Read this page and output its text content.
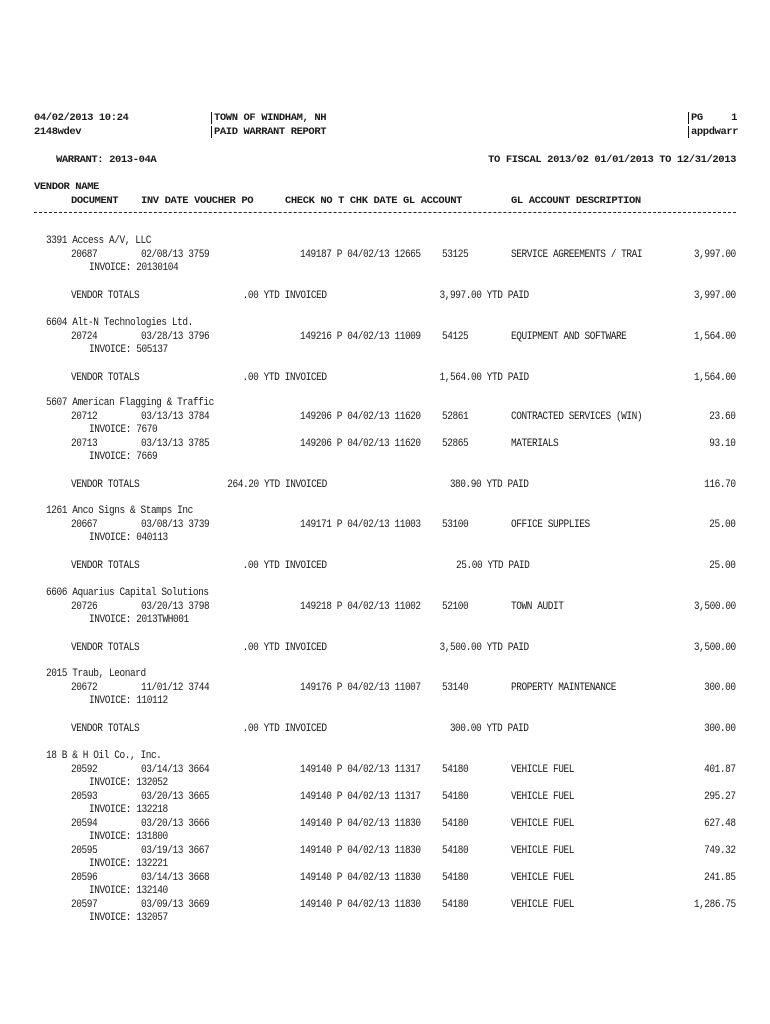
04/02/2013 10:24
2148wdev
TOWN OF WINDHAM, NH
PAID WARRANT REPORT
PG	1
appdwarr
WARRANT: 2013-04A	TO FISCAL 2013/02 01/01/2013 TO 12/31/2013
VENDOR NAME
DOCUMENT INV DATE VOUCHER PO	CHECK NO T CHK DATE GL ACCOUNT	GL ACCOUNT DESCRIPTION
3391 Access A/V, LLC
20687	02/08/13 3759	149187 P 04/02/13 12665 53125	SERVICE AGREEMENTS / TRAI	3,997.00
INVOICE: 20130104
VENDOR TOTALS	.00 YTD INVOICED	3,997.00 YTD PAID	3,997.00
6604 Alt-N Technologies Ltd.
20724	03/28/13 3796	149216 P 04/02/13 11009 54125	EQUIPMENT AND SOFTWARE	1,564.00
INVOICE: 505137
VENDOR TOTALS	.00 YTD INVOICED	1,564.00 YTD PAID	1,564.00
5607 American Flagging & Traffic
20712	03/13/13 3784	149206 P 04/02/13 11620 52861	CONTRACTED SERVICES (WIN)	23.60
INVOICE: 7670
20713	03/13/13 3785	149206 P 04/02/13 11620 52865	MATERIALS	93.10
INVOICE: 7669
VENDOR TOTALS	264.20 YTD INVOICED	380.90 YTD PAID	116.70
1261 Anco Signs & Stamps Inc
20667	03/08/13 3739	149171 P 04/02/13 11003 53100	OFFICE SUPPLIES	25.00
INVOICE: 040113
VENDOR TOTALS	.00 YTD INVOICED	25.00 YTD PAID	25.00
6606 Aquarius Capital Solutions
20726	03/20/13 3798	149218 P 04/02/13 11002 52100	TOWN AUDIT	3,500.00
INVOICE: 2013TWH001
VENDOR TOTALS	.00 YTD INVOICED	3,500.00 YTD PAID	3,500.00
2015 Traub, Leonard
20672	11/01/12 3744	149176 P 04/02/13 11007 53140	PROPERTY MAINTENANCE	300.00
INVOICE: 110112
VENDOR TOTALS	.00 YTD INVOICED	300.00 YTD PAID	300.00
18 B & H Oil Co., Inc.
20592	03/14/13 3664	149140 P 04/02/13 11317 54180	VEHICLE FUEL	401.87
INVOICE: 132052
20593	03/20/13 3665	149140 P 04/02/13 11317 54180	VEHICLE FUEL	295.27
INVOICE: 132218
20594	03/20/13 3666	149140 P 04/02/13 11830 54180	VEHICLE FUEL	627.48
INVOICE: 131800
20595	03/19/13 3667	149140 P 04/02/13 11830 54180	VEHICLE FUEL	749.32
INVOICE: 132221
20596	03/14/13 3668	149140 P 04/02/13 11830 54180	VEHICLE FUEL	241.85
INVOICE: 132140
20597	03/09/13 3669	149140 P 04/02/13 11830 54180	VEHICLE FUEL	1,286.75
INVOICE: 132057
